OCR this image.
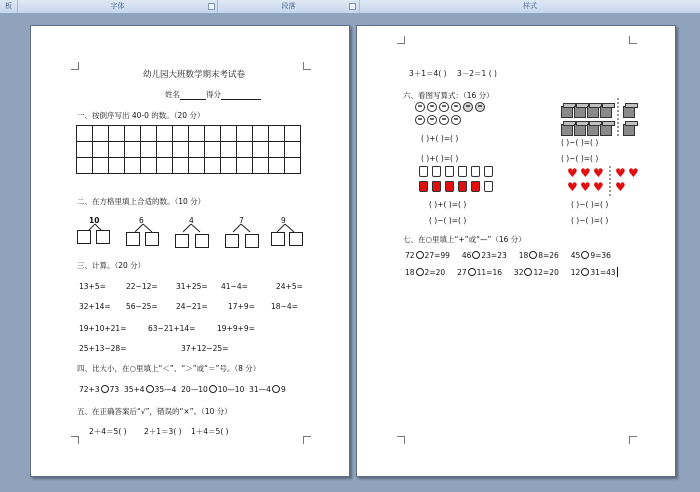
板	字体	段落	样式
幼儿园大班数学期末考试卷
姓名	得分
一、按倒序写出 40-0 的数。（20 分）

二、在方格里填上合适的数。（10 分）
10	6	4	7	9
三、计算。（20 分）
13+5=	22−12= 31+25= 41−4=	24+5=
32+14= 56−25= 24−21=	17+9= 18−4=
19+10+21=	63−21+14=	19+9+9=
25+13−28=	37+12−25=
四、比大小，在○里填上“＜”、“＞”或“＝”号。（8 分）
72+3 73 35+4 35—4 20—10 10—10 31—4 9
五、在正确答案后“√”，错误的“×”。（10 分）
2＋4＝5( ) 2＋1＝3( ) 1＋4＝5( )
3＋1＝4( ) 3－2＝1 ( )
六、看图写算式：（16 分）
( )+( )=( )	( )−( )=( )
( )+( )=( )	( )−( )=( )
♥ ♥ ♥ ♥ ♥
♥ ♥ ♥ ♥
( )+( )=( )	( )−( )=( )
( )−( )=( )	( )−( )=( )
七、在○里填上“+”或“—”（16 分）
72 27=99 46 23=23 18 8=26 45 9=36
18 2=20 27 11=16 32 12=20 12 31=43
